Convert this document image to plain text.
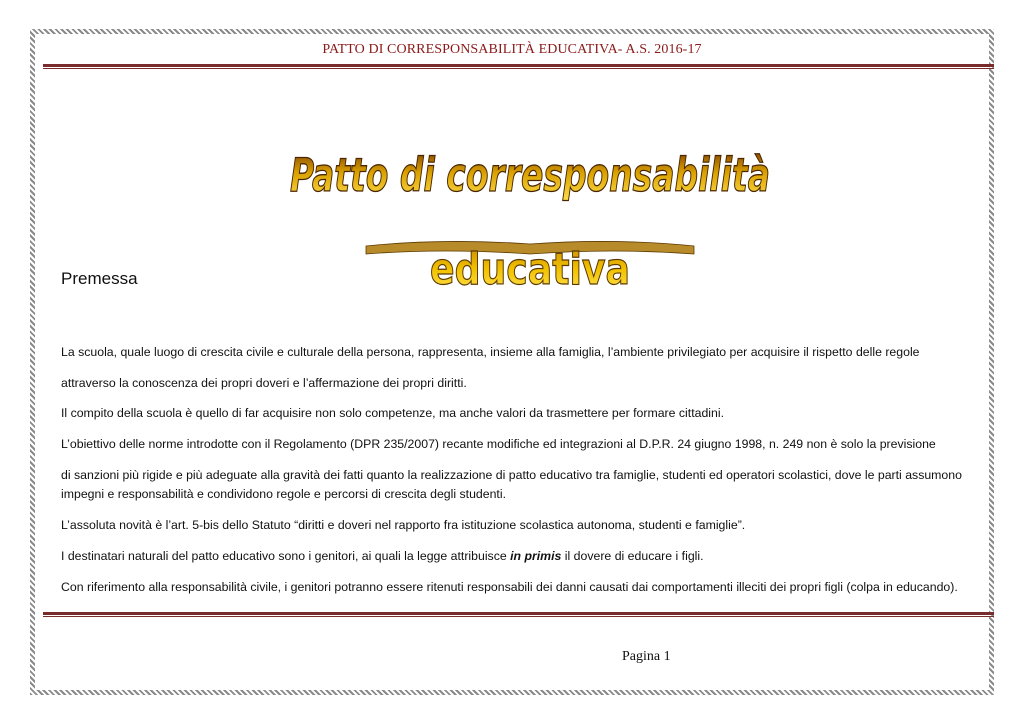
PATTO DI CORRESPONSABILITÀ EDUCATIVA- A.S. 2016-17
Patto di corresponsabilità
educativa
Premessa
La scuola, quale luogo di crescita civile e culturale della persona, rappresenta, insieme alla famiglia, l’ambiente privilegiato per acquisire il rispetto delle regole
attraverso la conoscenza dei propri doveri e l’affermazione dei propri diritti.
Il compito della scuola è quello di far acquisire non solo competenze, ma anche valori da trasmettere per formare cittadini.
L’obiettivo delle norme introdotte con il Regolamento (DPR 235/2007) recante modifiche ed integrazioni al D.P.R. 24 giugno 1998, n. 249 non è solo la previsione
di sanzioni più rigide e più adeguate alla gravità dei fatti quanto la realizzazione di patto educativo tra famiglie, studenti ed operatori scolastici, dove le parti assumono
impegni e responsabilità e condividono regole e percorsi di crescita degli studenti.
L’assoluta novità è l’art. 5-bis dello Statuto “diritti e doveri nel rapporto fra istituzione scolastica autonoma, studenti e famiglie”.
I destinatari naturali del patto educativo sono i genitori, ai quali la legge attribuisce in primis il dovere di educare i figli.
Con riferimento alla responsabilità civile, i genitori potranno essere ritenuti responsabili dei danni causati dai comportamenti illeciti dei propri figli (colpa in educando).
Pagina 1
